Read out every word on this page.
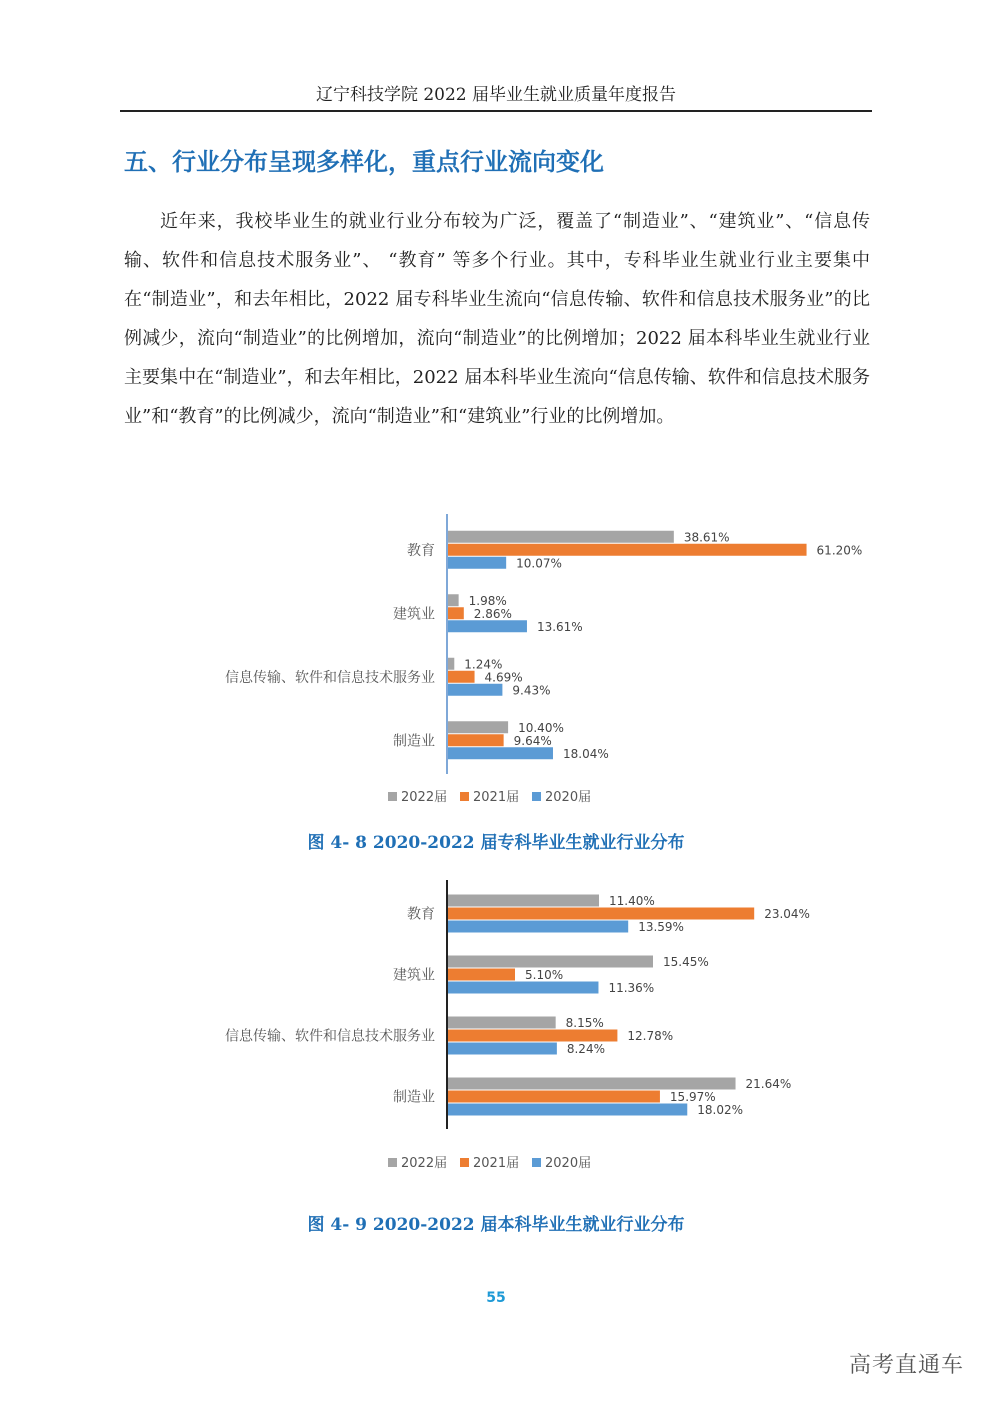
辽宁科技学院 2022 届毕业生就业质量年度报告
五、行业分布呈现多样化，重点行业流向变化

近年来，我校毕业生的就业行业分布较为广泛，覆盖了“制造业”、“建筑业”、“信息传输、软件和信息技术服务业”、 “教育” 等多个行业。其中，专科毕业生就业行业主要集中在“制造业”，和去年相比，2022 届专科毕业生流向“信息传输、软件和信息技术服务业”的比例减少，流向“制造业”的比例增加，流向“制造业”的比例增加；2022 届本科毕业生就业行业主要集中在“制造业”，和去年相比，2022 届本科毕业生流向“信息传输、软件和信息技术服务业”和“教育”的比例减少，流向“制造业”和“建筑业”行业的比例增加。

教育
38.61%
61.20%
10.07%
建筑业
1.98%
2.86%
13.61%
信息传输、软件和信息技术服务业
1.24%
4.69%
9.43%
制造业
10.40%
9.64%
18.04%
2022届 2021届 2020届
图 4- 8 2020-2022 届专科毕业生就业行业分布
教育
11.40%
23.04%
13.59%
建筑业
15.45%
5.10%
11.36%
信息传输、软件和信息技术服务业
8.15%
12.78%
8.24%
制造业
21.64%
15.97%
18.02%
2022届 2021届 2020届
图 4- 9 2020-2022 届本科毕业生就业行业分布
55
高考直通车
